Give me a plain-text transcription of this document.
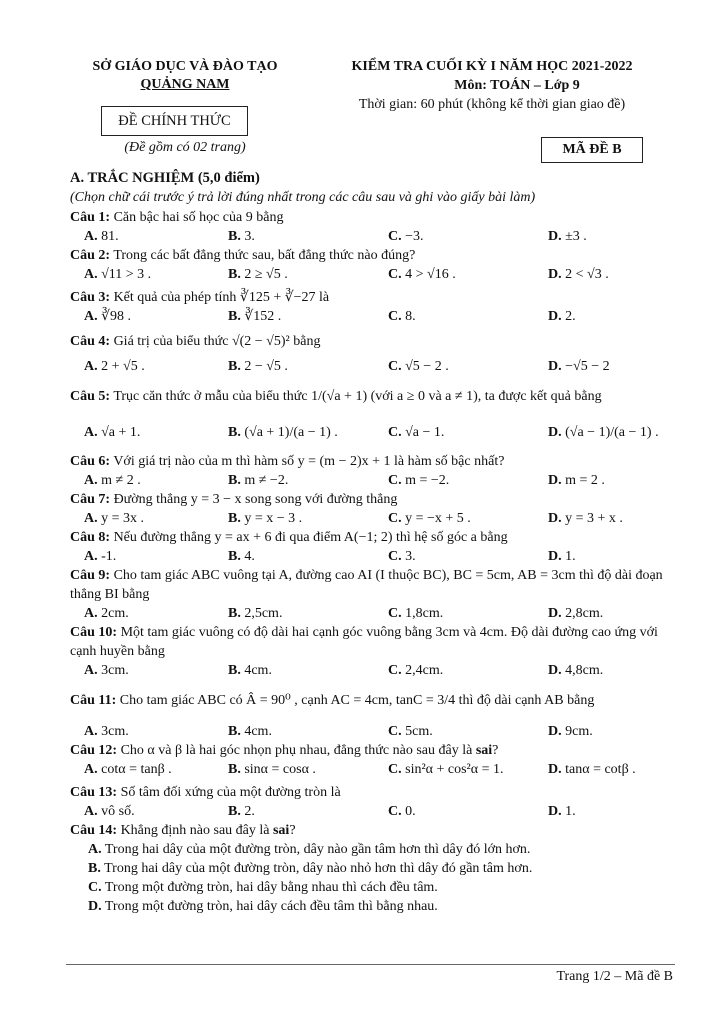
SỞ GIÁO DỤC VÀ ĐÀO TẠO
QUẢNG NAM
ĐỀ CHÍNH THỨC
(Đề gồm có 02 trang)
KIỂM TRA CUỐI KỲ I NĂM HỌC 2021-2022
Môn: TOÁN – Lớp 9
Thời gian: 60 phút (không kể thời gian giao đề)
MÃ ĐỀ B
A. TRẮC NGHIỆM (5,0 điểm)
(Chọn chữ cái trước ý trả lời đúng nhất trong các câu sau và ghi vào giấy bài làm)
Câu 1: Căn bậc hai số học của 9 bằng
A. 81.	B. 3.	C. −3.	D. ±3 .
Câu 2: Trong các bất đẳng thức sau, bất đẳng thức nào đúng?
A. √11 > 3 .	B. 2 ≥ √5 .	C. 4 > √16 .	D. 2 < √3 .
Câu 3: Kết quả của phép tính ∛125 + ∛−27 là
A. ∛98 .	B. ∛152 .	C. 8.	D. 2.
Câu 4: Giá trị của biểu thức √(2 − √5)² bằng
A. 2 + √5 .	B. 2 − √5 .	C. √5 − 2 .	D. −√5 − 2
Câu 5: Trục căn thức ở mẫu của biểu thức 1/(√a + 1) (với a ≥ 0 và a ≠ 1), ta được kết quả bằng
A. √a + 1.	B. (√a + 1)/(a − 1) .	C. √a − 1.	D. (√a − 1)/(a − 1) .
Câu 6: Với giá trị nào của m thì hàm số y = (m − 2)x + 1 là hàm số bậc nhất?
A. m ≠ 2 .	B. m ≠ −2.	C. m = −2.	D. m = 2 .
Câu 7: Đường thẳng y = 3 − x song song với đường thẳng
A. y = 3x .	B. y = x − 3 .	C. y = −x + 5 .	D. y = 3 + x .
Câu 8: Nếu đường thẳng y = ax + 6 đi qua điểm A(−1; 2) thì hệ số góc a bằng
A. -1.	B. 4.	C. 3.	D. 1.
Câu 9: Cho tam giác ABC vuông tại A, đường cao AI (I thuộc BC), BC = 5cm, AB = 3cm thì độ dài đoạn thẳng BI bằng
A. 2cm.	B. 2,5cm.	C. 1,8cm.	D. 2,8cm.
Câu 10: Một tam giác vuông có độ dài hai cạnh góc vuông bằng 3cm và 4cm. Độ dài đường cao ứng với cạnh huyền bằng
A. 3cm.	B. 4cm.	C. 2,4cm.	D. 4,8cm.
Câu 11: Cho tam giác ABC có Â = 90⁰ , cạnh AC = 4cm, tanC = 3/4 thì độ dài cạnh AB bằng
A. 3cm.	B. 4cm.	C. 5cm.	D. 9cm.
Câu 12: Cho α và β là hai góc nhọn phụ nhau, đẳng thức nào sau đây là sai?
A. cotα = tanβ .	B. sinα = cosα .	C. sin²α + cos²α = 1.	D. tanα = cotβ .
Câu 13: Số tâm đối xứng của một đường tròn là
A. vô số.	B. 2.	C. 0.	D. 1.
Câu 14: Khẳng định nào sau đây là sai?
A. Trong hai dây của một đường tròn, dây nào gần tâm hơn thì dây đó lớn hơn.
B. Trong hai dây của một đường tròn, dây nào nhỏ hơn thì dây đó gần tâm hơn.
C. Trong một đường tròn, hai dây bằng nhau thì cách đều tâm.
D. Trong một đường tròn, hai dây cách đều tâm thì bằng nhau.
Trang 1/2 – Mã đề B
